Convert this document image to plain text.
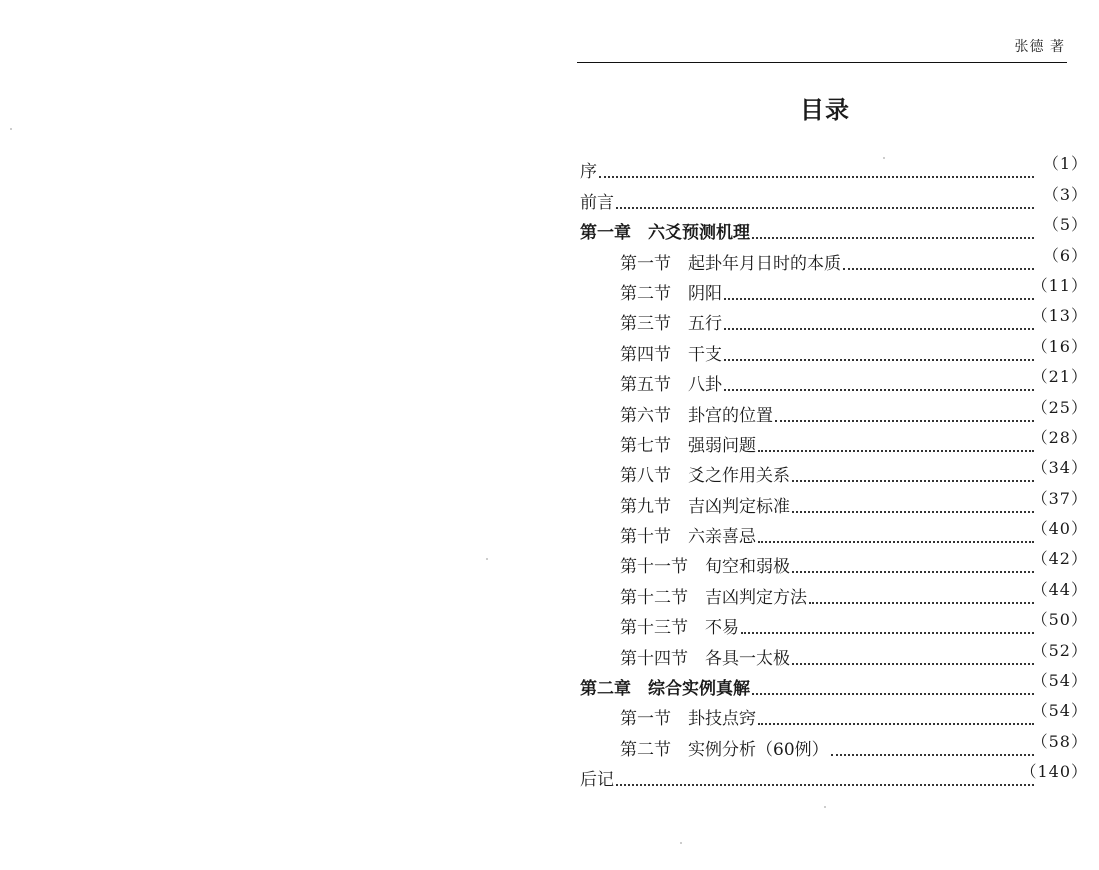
张德 著
目录
序	（1）
前言	（3）
第一章　六爻预测机理	（5）
第一节　起卦年月日时的本质	（6）
第二节　阴阳	（11）
第三节　五行	（13）
第四节　干支	（16）
第五节　八卦	（21）
第六节　卦宫的位置	（25）
第七节　强弱问题	（28）
第八节　爻之作用关系	（34）
第九节　吉凶判定标准	（37）
第十节　六亲喜忌	（40）
第十一节　旬空和弱极	（42）
第十二节　吉凶判定方法	（44）
第十三节　不易	（50）
第十四节　各具一太极	（52）
第二章　综合实例真解	（54）
第一节　卦技点窍	（54）
第二节　实例分析（60例）	（58）
后记	（140）
